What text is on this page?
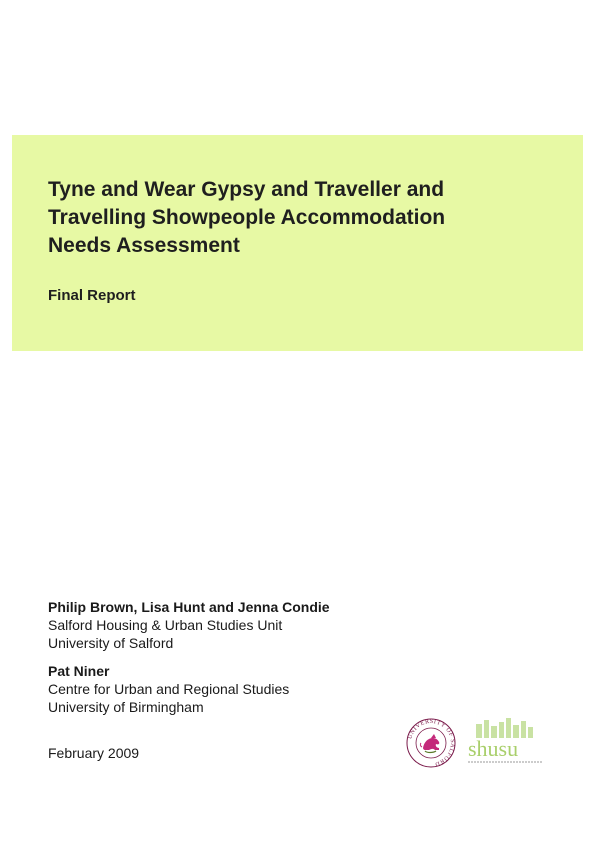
Tyne and Wear Gypsy and Traveller and
Travelling Showpeople Accommodation
Needs Assessment

Final Report

Philip Brown, Lisa Hunt and Jenna Condie
Salford Housing & Urban Studies Unit
University of Salford
Pat Niner
Centre for Urban and Regional Studies
University of Birmingham
February 2009
UNIVERSITY OF SALFORD
shusu
